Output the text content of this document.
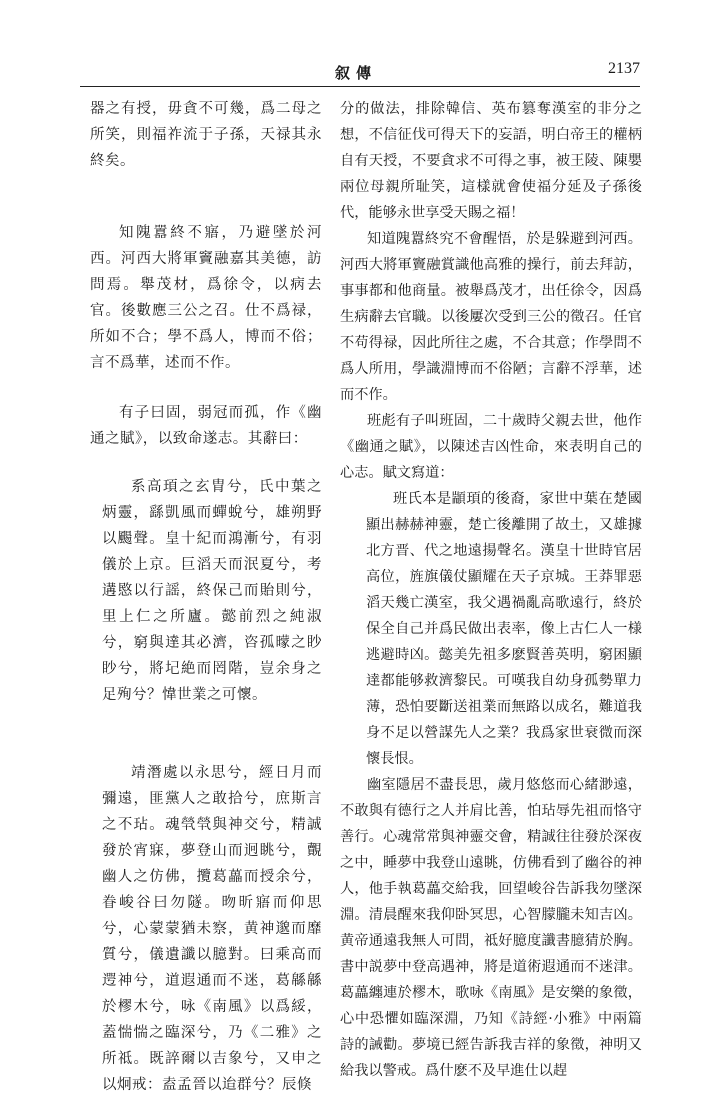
叙傳	2137

器之有授，毋貪不可幾，爲二母之所笑，則福祚流于子孫，天禄其永終矣。

知隗囂終不寤，乃避墜於河西。河西大將軍竇融嘉其美德，訪問焉。舉茂材，爲徐令，以病去官。後數應三公之召。仕不爲禄，所如不合；學不爲人，博而不俗；言不爲華，述而不作。

有子曰固，弱冠而孤，作《幽通之賦》，以致命遂志。其辭曰：

系高頊之玄胄兮，氏中葉之炳靈，繇凱風而蟬蛻兮，雄朔野以颺聲。皇十紀而鴻漸兮，有羽儀於上京。巨滔天而泯夏兮，考遘愍以行謡，終保己而貽則兮，里上仁之所廬。懿前烈之純淑兮，窮與達其必濟，咨孤曚之眇眇兮，將圮絶而罔階，豈余身之足殉兮？愇世業之可懷。

靖潛處以永思兮，經日月而彌遠，匪黨人之敢拾兮，庶斯言之不玷。魂煢煢與神交兮，精誠發於宵寐，夢登山而迥眺兮，覿幽人之仿佛，攬葛藟而授余兮，眷峻谷曰勿隧。昒昕寤而仰思兮，心蒙蒙猶未察，黄神邈而靡質兮，儀遺讖以臆對。曰乘高而遌神兮，道遐通而不迷，葛緜緜於樛木兮，咏《南風》以爲綏，蓋惴惴之臨深兮，乃《二雅》之所祗。既誶爾以吉象兮，又申之以炯戒：盍孟晉以迨群兮？辰倏

分的做法，排除韓信、英布篡奪漢室的非分之想，不信征伐可得天下的妄語，明白帝王的權柄自有天授，不要貪求不可得之事，被王陵、陳嬰兩位母親所耻笑，這樣就會使福分延及子孫後代，能够永世享受天賜之福！

知道隗囂終究不會醒悟，於是躲避到河西。河西大將軍竇融賞識他高雅的操行，前去拜訪，事事都和他商量。被舉爲茂才，出任徐令，因爲生病辭去官職。以後屢次受到三公的徵召。任官不苟得禄，因此所往之處，不合其意；作學問不爲人所用，學識淵博而不俗陋；言辭不浮華，述而不作。

班彪有子叫班固，二十歲時父親去世，他作《幽通之賦》，以陳述吉凶性命，來表明自己的心志。賦文寫道：

班氏本是顓頊的後裔，家世中葉在楚國顯出赫赫神靈，楚亡後離開了故土，又雄據北方晋、代之地遠揚聲名。漢皇十世時官居高位，旌旗儀仗顯耀在天子京城。王莽罪惡滔天幾亡漢室，我父遇禍亂高歌遠行，終於保全自己并爲民做出表率，像上古仁人一様逃避時凶。懿美先祖多麽賢善英明，窮困顯達都能够救濟黎民。可嘆我自幼身孤勢單力薄，恐怕要斷送祖業而無路以成名，難道我身不足以營謀先人之業？我爲家世衰微而深懷長恨。

幽室隱居不盡長思，歲月悠悠而心緒渺遠，不敢與有德行之人并肩比善，怕玷辱先祖而恪守善行。心魂常常與神靈交會，精誠往往發於深夜之中，睡夢中我登山遠眺，仿佛看到了幽谷的神人，他手執葛藟交給我，回望峻谷告訴我勿墜深淵。清晨醒來我仰卧冥思，心智朦朧未知吉凶。黄帝通遠我無人可問，祗好臆度讖書臆猜於胸。書中説夢中登高遇神，將是道術遐通而不迷津。葛藟纏連於樛木，歌咏《南風》是安樂的象徵，心中恐懼如臨深淵，乃知《詩經·小雅》中兩篇詩的誡勸。夢境已經告訴我吉祥的象徵，神明又給我以警戒。爲什麽不及早進仕以趕
